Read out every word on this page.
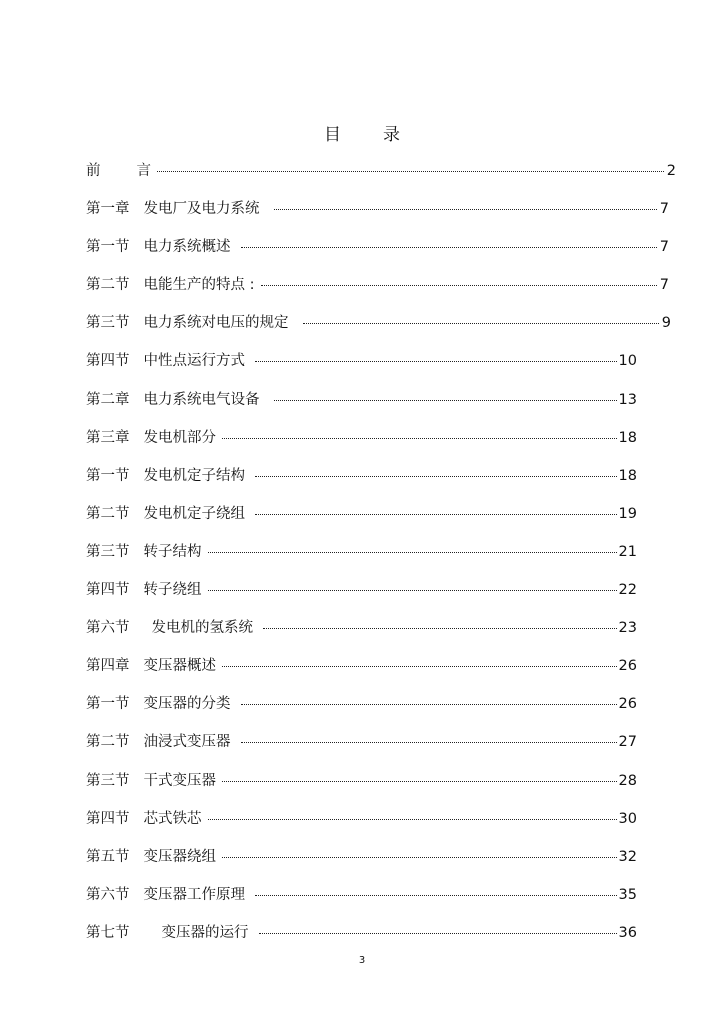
目 录
前 言	2
第一章 发电厂及电力系统	7
第一节 电力系统概述	7
第二节 电能生产的特点 :	7
第三节 电力系统对电压的规定	9
第四节 中性点运行方式	10
第二章 电力系统电气设备	13
第三章 发电机部分	18
第一节 发电机定子结构	18
第二节 发电机定子绕组	19
第三节 转子结构	21
第四节 转子绕组	22
第六节 发电机的氢系统	23
第四章 变压器概述	26
第一节 变压器的分类	26
第二节 油浸式变压器	27
第三节 干式变压器	28
第四节 芯式铁芯	30
第五节 变压器绕组	32
第六节 变压器工作原理	35
第七节 变压器的运行	36
3
